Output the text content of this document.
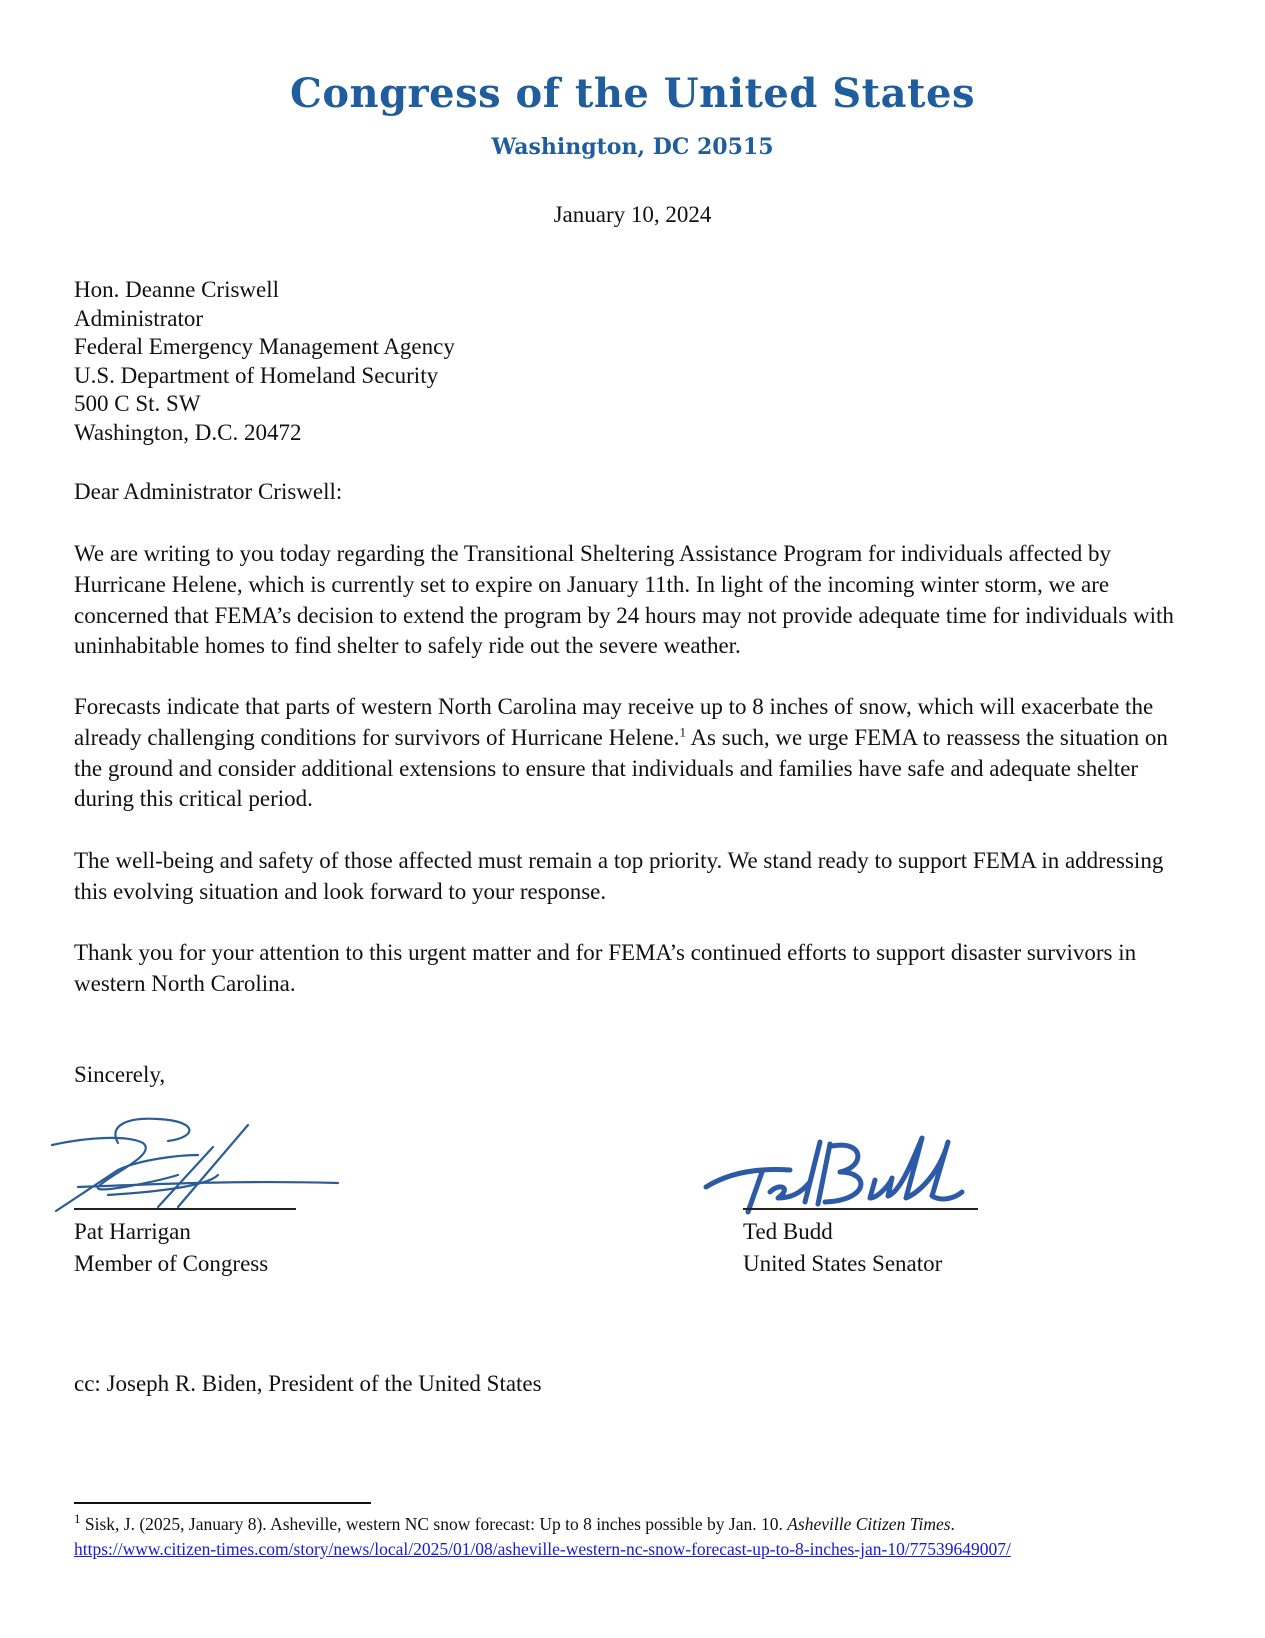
Congress of the United States
Washington, DC 20515
January 10, 2024
Hon. Deanne Criswell
Administrator
Federal Emergency Management Agency
U.S. Department of Homeland Security
500 C St. SW
Washington, D.C. 20472
Dear Administrator Criswell:
We are writing to you today regarding the Transitional Sheltering Assistance Program for individuals affected by Hurricane Helene, which is currently set to expire on January 11th. In light of the incoming winter storm, we are concerned that FEMA’s decision to extend the program by 24 hours may not provide adequate time for individuals with uninhabitable homes to find shelter to safely ride out the severe weather.
Forecasts indicate that parts of western North Carolina may receive up to 8 inches of snow, which will exacerbate the already challenging conditions for survivors of Hurricane Helene.$^1$ As such, we urge FEMA to reassess the situation on the ground and consider additional extensions to ensure that individuals and families have safe and adequate shelter during this critical period.
The well-being and safety of those affected must remain a top priority. We stand ready to support FEMA in addressing this evolving situation and look forward to your response.
Thank you for your attention to this urgent matter and for FEMA’s continued efforts to support disaster survivors in western North Carolina.
Sincerely,
Pat Harrigan
Member of Congress
Ted Budd
United States Senator
cc: Joseph R. Biden, President of the United States
$^1$ Sisk, J. (2025, January 8). Asheville, western NC snow forecast: Up to 8 inches possible by Jan. 10. Asheville Citizen Times.
https://www.citizen-times.com/story/news/local/2025/01/08/asheville-western-nc-snow-forecast-up-to-8-inches-jan-10/77539649007/
